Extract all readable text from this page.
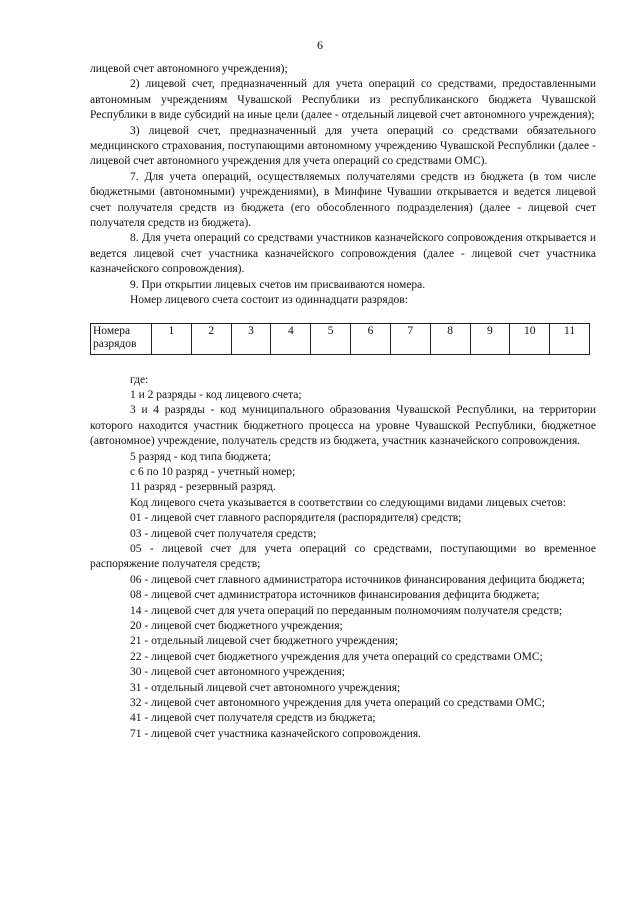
6
лицевой счет автономного учреждения);
2) лицевой счет, предназначенный для учета операций со средствами, предоставленными автономным учреждениям Чувашской Республики из республиканского бюджета Чувашской Республики в виде субсидий на иные цели (далее - отдельный лицевой счет автономного учреждения);
3) лицевой счет, предназначенный для учета операций со средствами обязательного медицинского страхования, поступающими автономному учреждению Чувашской Республики (далее - лицевой счет автономного учреждения для учета операций со средствами ОМС).
7. Для учета операций, осуществляемых получателями средств из бюджета (в том числе бюджетными (автономными) учреждениями), в Минфине Чувашии открывается и ведется лицевой счет получателя средств из бюджета (его обособленного подразделения) (далее - лицевой счет получателя средств из бюджета).
8. Для учета операций со средствами участников казначейского сопровождения открывается и ведется лицевой счет участника казначейского сопровождения (далее - лицевой счет участника казначейского сопровождения).
9. При открытии лицевых счетов им присваиваются номера.
Номер лицевого счета состоит из одиннадцати разрядов:
Номера разрядов	1	2	3	4	5	6	7	8	9	10	11
где:
1 и 2 разряды - код лицевого счета;
3 и 4 разряды - код муниципального образования Чувашской Республики, на территории которого находится участник бюджетного процесса на уровне Чувашской Республики, бюджетное (автономное) учреждение, получатель средств из бюджета, участник казначейского сопровождения.
5 разряд - код типа бюджета;
с 6 по 10 разряд - учетный номер;
11 разряд - резервный разряд.
Код лицевого счета указывается в соответствии со следующими видами лицевых счетов:
01 - лицевой счет главного распорядителя (распорядителя) средств;
03 - лицевой счет получателя средств;
05 - лицевой счет для учета операций со средствами, поступающими во временное распоряжение получателя средств;
06 - лицевой счет главного администратора источников финансирования дефицита бюджета;
08 - лицевой счет администратора источников финансирования дефицита бюджета;
14 - лицевой счет для учета операций по переданным полномочиям получателя средств;
20 - лицевой счет бюджетного учреждения;
21 - отдельный лицевой счет бюджетного учреждения;
22 - лицевой счет бюджетного учреждения для учета операций со средствами ОМС;
30 - лицевой счет автономного учреждения;
31 - отдельный лицевой счет автономного учреждения;
32 - лицевой счет автономного учреждения для учета операций со средствами ОМС;
41 - лицевой счет получателя средств из бюджета;
71 - лицевой счет участника казначейского сопровождения.
